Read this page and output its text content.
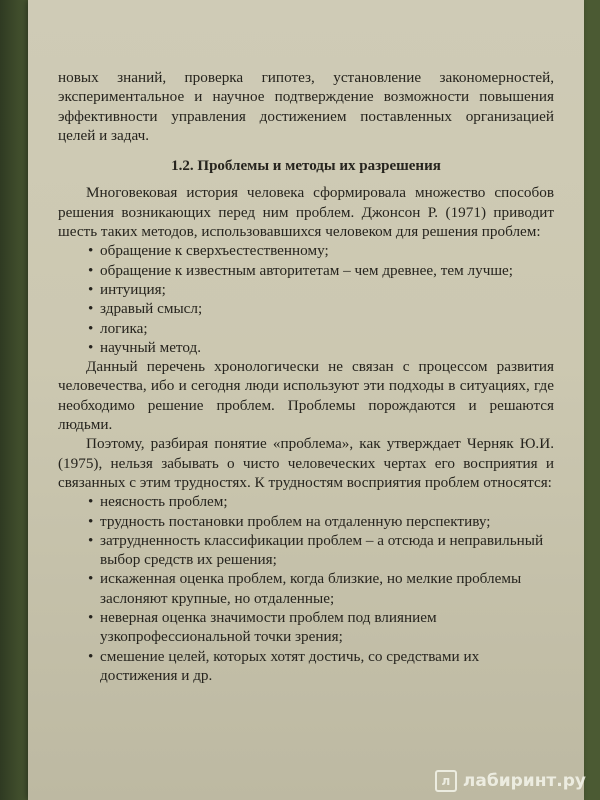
новых знаний, проверка гипотез, установление закономерностей, экспериментальное и научное подтверждение возможности повышения эффективности управления достижением поставленных организацией целей и задач.

1.2. Проблемы и методы их разрешения

Многовековая история человека сформировала множество способов решения возникающих перед ним проблем. Джонсон Р. (1971) приводит шесть таких методов, использовавшихся человеком для решения проблем:

• обращение к сверхъестественному;
• обращение к известным авторитетам – чем древнее, тем лучше;
• интуиция;
• здравый смысл;
• логика;
• научный метод.

Данный перечень хронологически не связан с процессом развития человечества, ибо и сегодня люди используют эти подходы в ситуациях, где необходимо решение проблем. Проблемы порождаются и решаются людьми.

Поэтому, разбирая понятие «проблема», как утверждает Черняк Ю.И. (1975), нельзя забывать о чисто человеческих чертах его восприятия и связанных с этим трудностях. К трудностям восприятия проблем относятся:

• неясность проблем;
• трудность постановки проблем на отдаленную перспективу;
• затрудненность классификации проблем – а отсюда и неправильный выбор средств их решения;
• искаженная оценка проблем, когда близкие, но мелкие проблемы заслоняют крупные, но отдаленные;
• неверная оценка значимости проблем под влиянием узкопрофессиональной точки зрения;
• смешение целей, которых хотят достичь, со средствами их достижения и др.
л лабиринт.ру
